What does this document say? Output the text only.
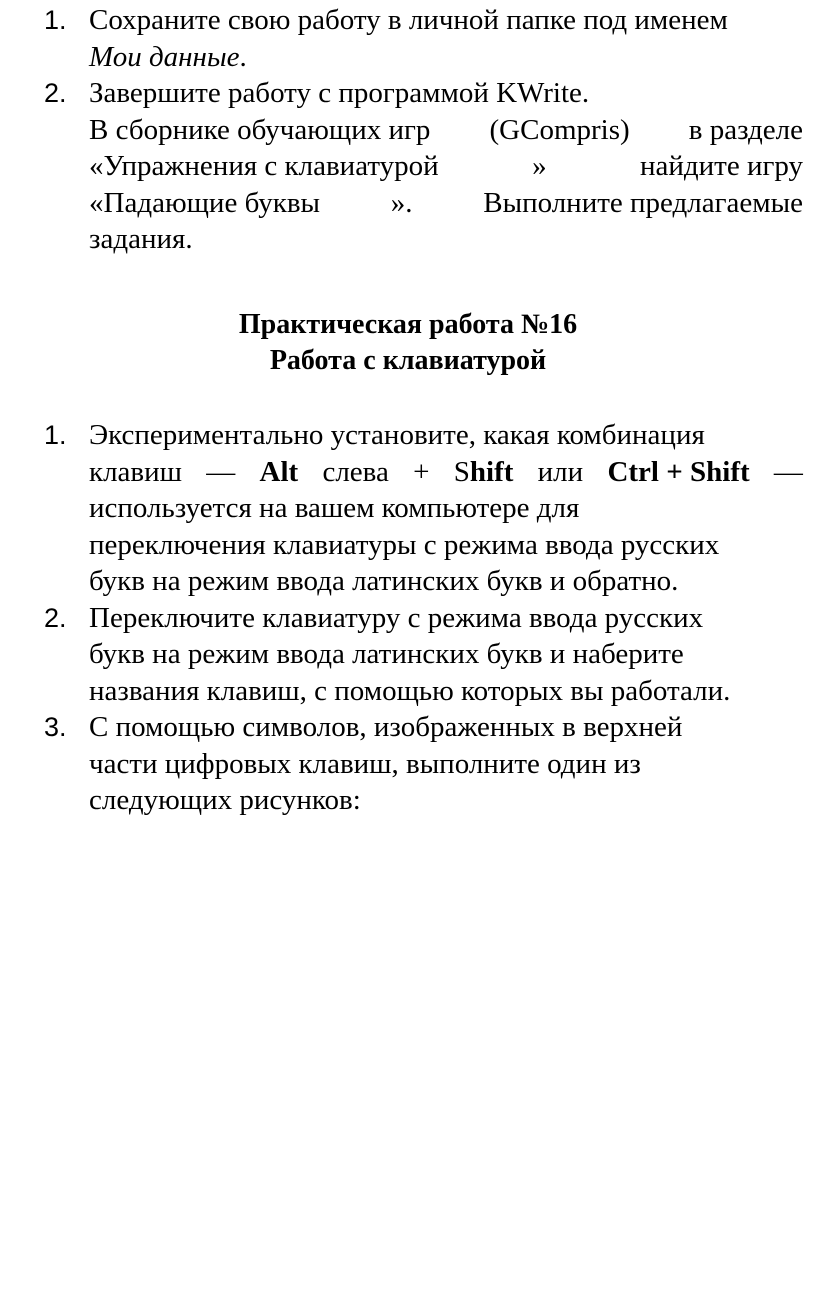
1. Сохраните свою работу в личной папке под именем
Мои данные.
2. Завершите работу с программой KWrite.
В сборнике обучающих игр (GCompris) в разделе
«Упражнения с клавиатурой	»	найдите игру
«Падающие буквы ». Выполните предлагаемые
задания.
Практическая работа №16
Работа с клавиатурой
1. Экспериментально установите, какая комбинация
клавиш — Alt слева + Shift или Ctrl + Shift —
используется на вашем компьютере для
переключения клавиатуры с режима ввода русских
букв на режим ввода латинских букв и обратно.
2. Переключите клавиатуру с режима ввода русских
букв на режим ввода латинских букв и наберите
названия клавиш, с помощью которых вы работали.
3. С помощью символов, изображенных в верхней
части цифровых клавиш, выполните один из
следующих рисунков:
